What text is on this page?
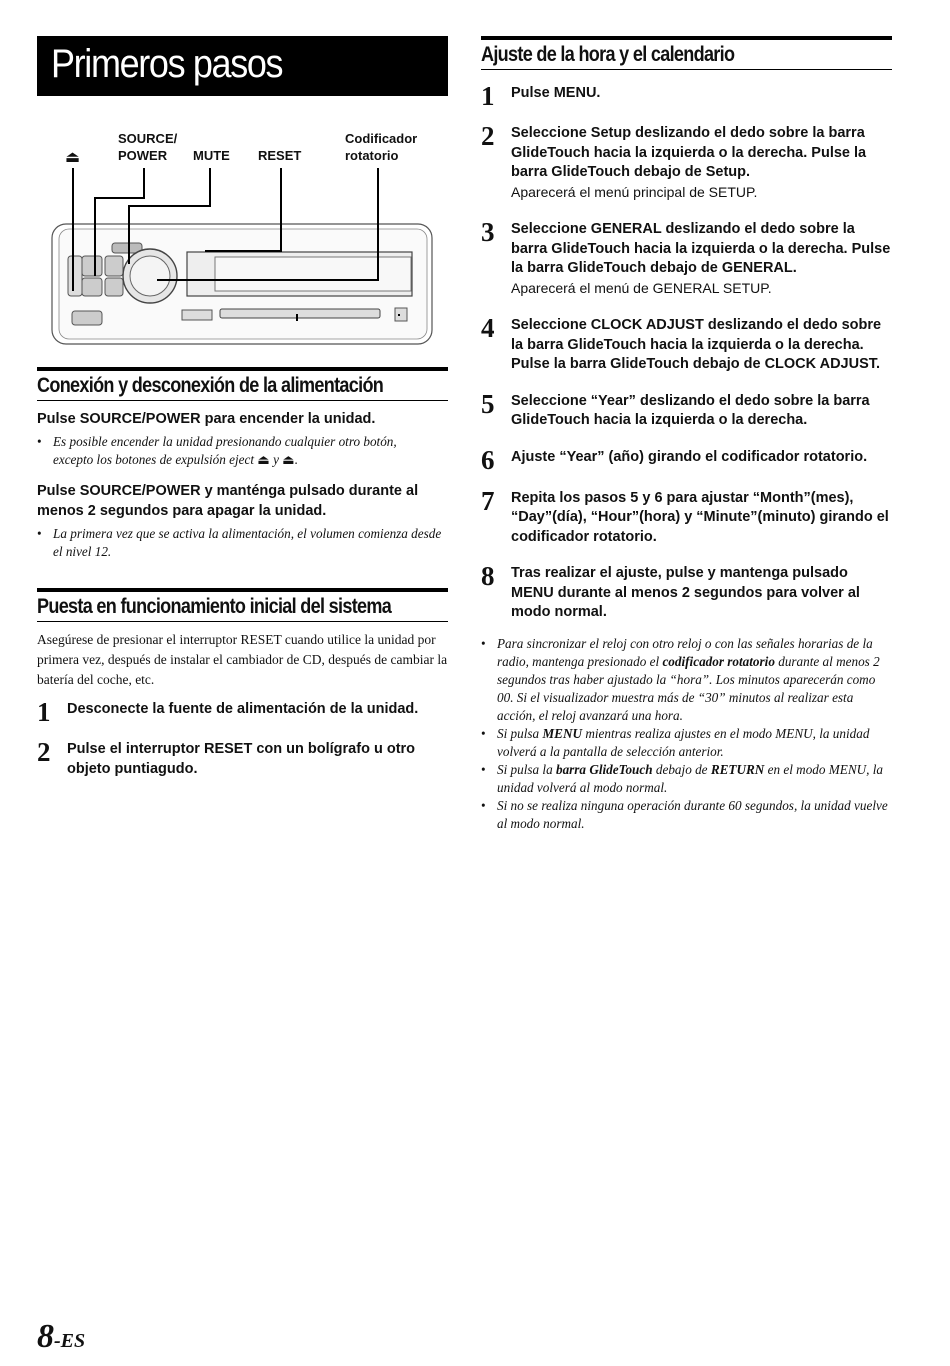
Primeros pasos
⏏
SOURCE/
POWER MUTE RESET
Codificador
rotatorio
Conexión y desconexión de la alimentación

Pulse SOURCE/POWER para encender la unidad.

• Es posible encender la unidad presionando cualquier otro botón,
excepto los botones de expulsión eject ⏏ y ⏏.

Pulse SOURCE/POWER y manténga pulsado durante al menos 2 segundos para apagar la unidad.

• La primera vez que se activa la alimentación, el volumen comienza desde el nivel 12.
Puesta en funcionamiento inicial del sistema
Asegúrese de presionar el interruptor RESET cuando utilice la unidad por primera vez, después de instalar el cambiador de CD, después de cambiar la batería del coche, etc.
1	Desconecte la fuente de alimentación de la unidad.
2	Pulse el interruptor RESET con un bolígrafo u otro objeto puntiagudo.
Ajuste de la hora y el calendario
1	Pulse MENU.
2	Seleccione Setup deslizando el dedo sobre la barra GlideTouch hacia la izquierda o la derecha. Pulse la barra GlideTouch debajo de Setup.
Aparecerá el menú principal de SETUP.
3	Seleccione GENERAL deslizando el dedo sobre la barra GlideTouch hacia la izquierda o la derecha. Pulse la barra GlideTouch debajo de GENERAL.
Aparecerá el menú de GENERAL SETUP.
4	Seleccione CLOCK ADJUST deslizando el dedo sobre la barra GlideTouch hacia la izquierda o la derecha. Pulse la barra GlideTouch debajo de CLOCK ADJUST.
5	Seleccione “Year” deslizando el dedo sobre la barra GlideTouch hacia la izquierda o la derecha.
6	Ajuste “Year” (año) girando el codificador rotatorio.
7	Repita los pasos 5 y 6 para ajustar “Month”(mes), “Day”(día), “Hour”(hora) y “Minute”(minuto) girando el codificador rotatorio.
8	Tras realizar el ajuste, pulse y mantenga pulsado MENU durante al menos 2 segundos para volver al modo normal.
• Para sincronizar el reloj con otro reloj o con las señales horarias de la radio, mantenga presionado el codificador rotatorio durante al menos 2 segundos tras haber ajustado la “hora”. Los minutos aparecerán como 00. Si el visualizador muestra más de “30” minutos al realizar esta acción, el reloj avanzará una hora.
• Si pulsa MENU mientras realiza ajustes en el modo MENU, la unidad volverá a la pantalla de selección anterior.
• Si pulsa la barra GlideTouch debajo de RETURN en el modo MENU, la unidad volverá al modo normal.
• Si no se realiza ninguna operación durante 60 segundos, la unidad vuelve al modo normal.
8-ES
